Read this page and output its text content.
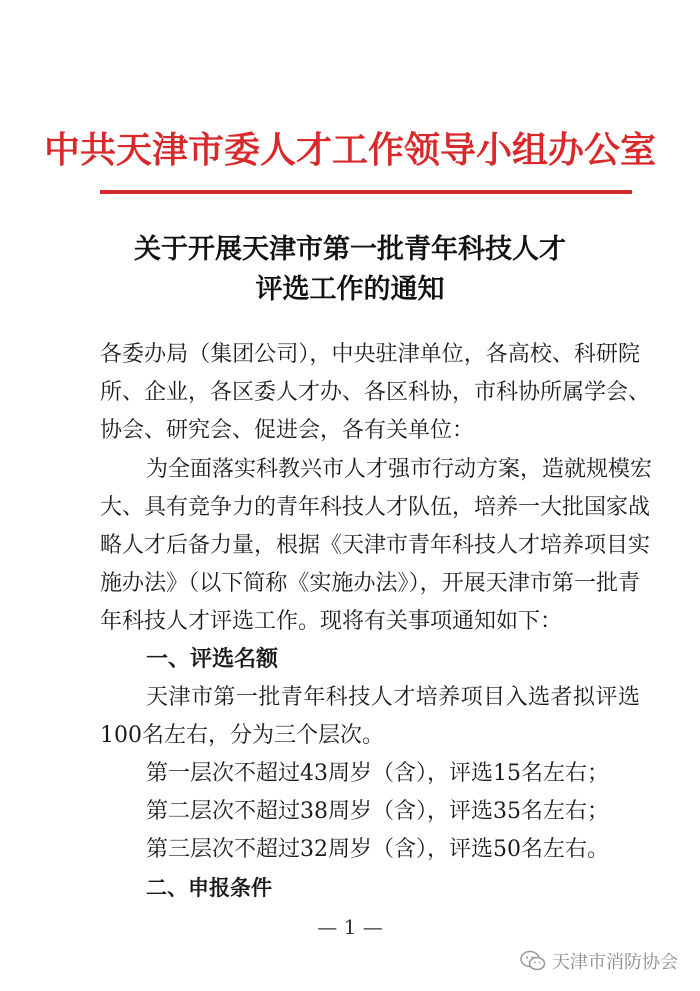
中共天津市委人才工作领导小组办公室
关于开展天津市第一批青年科技人才
评选工作的通知
各委办局（集团公司），中央驻津单位，各高校、科研院
所、企业，各区委人才办、各区科协，市科协所属学会、
协会、研究会、促进会，各有关单位：
为全面落实科教兴市人才强市行动方案，造就规模宏
大、具有竞争力的青年科技人才队伍，培养一大批国家战
略人才后备力量，根据《天津市青年科技人才培养项目实
施办法》（以下简称《实施办法》），开展天津市第一批青
年科技人才评选工作。现将有关事项通知如下：
一、评选名额
天津市第一批青年科技人才培养项目入选者拟评选
100名左右，分为三个层次。
第一层次不超过43周岁（含），评选15名左右；
第二层次不超过38周岁（含），评选35名左右；
第三层次不超过32周岁（含），评选50名左右。
二、申报条件
— 1 —
天津市消防协会
